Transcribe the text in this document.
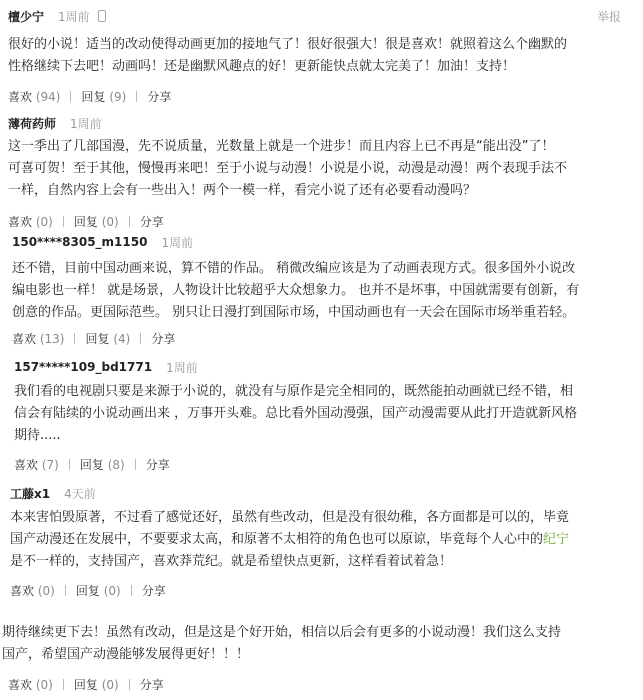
檀少宁 1周前	举报
很好的小说！适当的改动使得动画更加的接地气了！很好很强大！很是喜欢！就照着这么个幽默的
性格继续下去吧！动画吗！还是幽默风趣点的好！更新能快点就太完美了！加油！支持！
喜欢 (94) 回复 (9) 分享
薄荷药师 1周前
这一季出了几部国漫，先不说质量，光数量上就是一个进步！而且内容上已不再是“能出没”了！
可喜可贺！至于其他，慢慢再来吧！至于小说与动漫！小说是小说，动漫是动漫！两个表现手法不
一样，自然内容上会有一些出入！两个一模一样，看完小说了还有必要看动漫吗？
喜欢 (0) 回复 (0) 分享
150****8305_m1150 1周前
还不错，目前中国动画来说，算不错的作品。 稍微改编应该是为了动画表现方式。很多国外小说改
编电影也一样！ 就是场景，人物设计比较超乎大众想象力。 也并不是坏事，中国就需要有创新，有
创意的作品。更国际范些。 别只让日漫打到国际市场，中国动画也有一天会在国际市场举重若轻。
喜欢 (13) 回复 (4) 分享
157*****109_bd1771 1周前
我们看的电视剧只要是来源于小说的，就没有与原作是完全相同的，既然能拍动画就已经不错，相
信会有陆续的小说动画出来 ，万事开头难。总比看外国动漫强，国产动漫需要从此打开造就新风格
期待.....
喜欢 (7) 回复 (8) 分享
工藤x1 4天前
本来害怕毁原著，不过看了感觉还好，虽然有些改动，但是没有很幼稚，各方面都是可以的，毕竟
国产动漫还在发展中，不要要求太高，和原著不太相符的角色也可以原谅，毕竟每个人心中的纪宁
是不一样的，支持国产，喜欢莽荒纪。就是希望快点更新，这样看着试着急！
喜欢 (0) 回复 (0) 分享
期待继续更下去！虽然有改动，但是这是个好开始，相信以后会有更多的小说动漫！我们这么支持
国产，希望国产动漫能够发展得更好！！！
喜欢 (0) 回复 (0) 分享
